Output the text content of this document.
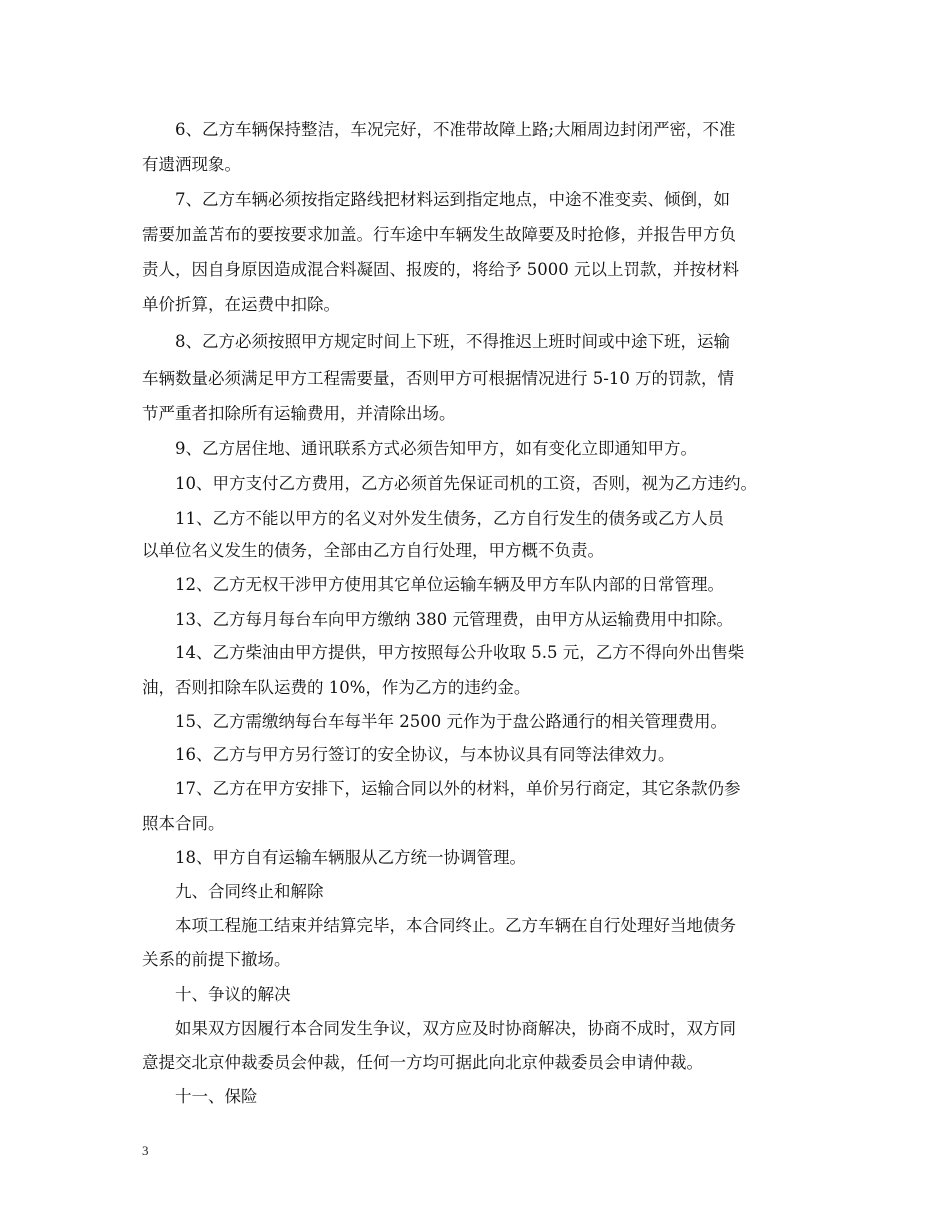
6、乙方车辆保持整洁，车况完好，不准带故障上路;大厢周边封闭严密，不准
有遗洒现象。
7、乙方车辆必须按指定路线把材料运到指定地点，中途不准变卖、倾倒，如
需要加盖苫布的要按要求加盖。行车途中车辆发生故障要及时抢修，并报告甲方负
责人，因自身原因造成混合料凝固、报废的，将给予 5000 元以上罚款，并按材料
单价折算，在运费中扣除。
8、乙方必须按照甲方规定时间上下班，不得推迟上班时间或中途下班，运输
车辆数量必须满足甲方工程需要量，否则甲方可根据情况进行 5-10 万的罚款，情
节严重者扣除所有运输费用，并清除出场。
9、乙方居住地、通讯联系方式必须告知甲方，如有变化立即通知甲方。
10、甲方支付乙方费用，乙方必须首先保证司机的工资，否则，视为乙方违约。
11、乙方不能以甲方的名义对外发生债务，乙方自行发生的债务或乙方人员
以单位名义发生的债务，全部由乙方自行处理，甲方概不负责。
12、乙方无权干涉甲方使用其它单位运输车辆及甲方车队内部的日常管理。
13、乙方每月每台车向甲方缴纳 380 元管理费，由甲方从运输费用中扣除。
14、乙方柴油由甲方提供，甲方按照每公升收取 5.5 元，乙方不得向外出售柴
油，否则扣除车队运费的 10%，作为乙方的违约金。
15、乙方需缴纳每台车每半年 2500 元作为于盘公路通行的相关管理费用。
16、乙方与甲方另行签订的安全协议，与本协议具有同等法律效力。
17、乙方在甲方安排下，运输合同以外的材料，单价另行商定，其它条款仍参
照本合同。
18、甲方自有运输车辆服从乙方统一协调管理。
九、合同终止和解除
本项工程施工结束并结算完毕，本合同终止。乙方车辆在自行处理好当地债务
关系的前提下撤场。
十、争议的解决
如果双方因履行本合同发生争议，双方应及时协商解决，协商不成时，双方同
意提交北京仲裁委员会仲裁，任何一方均可据此向北京仲裁委员会申请仲裁。
十一、保险
3
